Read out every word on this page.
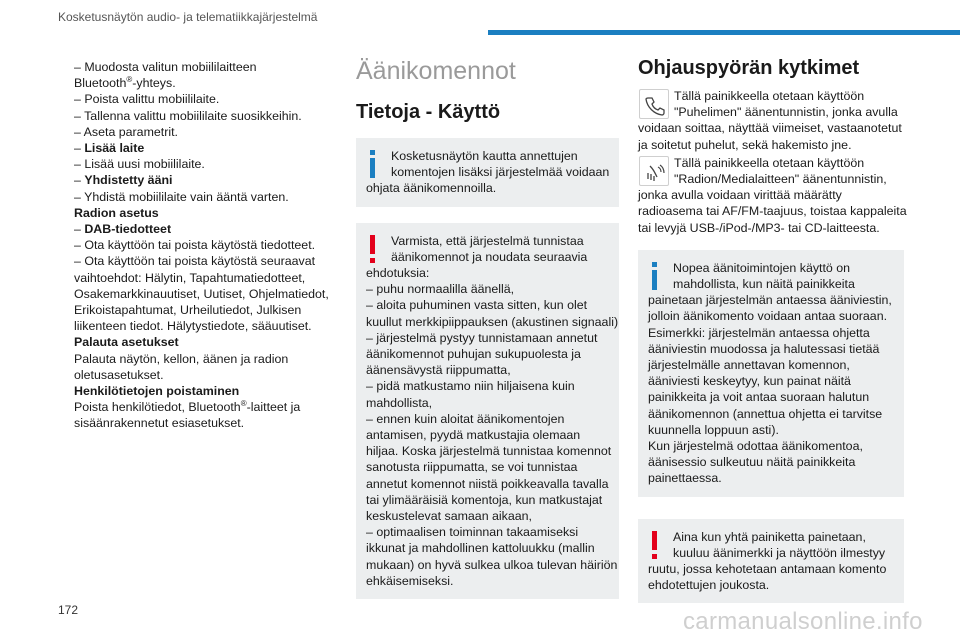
Kosketusnäytön audio- ja telematiikkajärjestelmä
– Muodosta valitun mobiililaitteen
Bluetooth®-yhteys.
– Poista valittu mobiililaite.
– Tallenna valittu mobiililaite suosikkeihin.
– Aseta parametrit.
– Lisää laite
– Lisää uusi mobiililaite.
– Yhdistetty ääni
– Yhdistä mobiililaite vain ääntä varten.
Radion asetus
– DAB-tiedotteet
– Ota käyttöön tai poista käytöstä tiedotteet.
– Ota käyttöön tai poista käytöstä seuraavat
vaihtoehdot: Hälytin, Tapahtumatiedotteet,
Osakemarkkinauutiset, Uutiset, Ohjelmatiedot,
Erikoistapahtumat, Urheilutiedot, Julkisen
liikenteen tiedot. Hälytystiedote, sääuutiset.
Palauta asetukset
Palauta näytön, kellon, äänen ja radion
oletusasetukset.
Henkilötietojen poistaminen
Poista henkilötiedot, Bluetooth®-laitteet ja
sisäänrakennetut esiasetukset.
Äänikomennot
Tietoja - Käyttö
Kosketusnäytön kautta annettujen
komentojen lisäksi järjestelmää voidaan
ohjata äänikomennoilla.
Varmista, että järjestelmä tunnistaa
äänikomennot ja noudata seuraavia
ehdotuksia:
– puhu normaalilla äänellä,
– aloita puhuminen vasta sitten, kun olet
kuullut merkkipiippauksen (akustinen signaali)
– järjestelmä pystyy tunnistamaan annetut
äänikomennot puhujan sukupuolesta ja
äänensävystä riippumatta,
– pidä matkustamo niin hiljaisena kuin
mahdollista,
– ennen kuin aloitat äänikomentojen
antamisen, pyydä matkustajia olemaan
hiljaa. Koska järjestelmä tunnistaa komennot
sanotusta riippumatta, se voi tunnistaa
annetut komennot niistä poikkeavalla tavalla
tai ylimääräisiä komentoja, kun matkustajat
keskustelevat samaan aikaan,
– optimaalisen toiminnan takaamiseksi
ikkunat ja mahdollinen kattoluukku (mallin
mukaan) on hyvä sulkea ulkoa tulevan häiriön
ehkäisemiseksi.
Ohjauspyörän kytkimet
Tällä painikkeella otetaan käyttöön
"Puhelimen" äänentunnistin, jonka avulla
voidaan soittaa, näyttää viimeiset, vastaanotetut
ja soitetut puhelut, sekä hakemisto jne.
Tällä painikkeella otetaan käyttöön
"Radion/Medialaitteen" äänentunnistin,
jonka avulla voidaan virittää määrätty
radioasema tai AF/FM-taajuus, toistaa kappaleita
tai levyjä USB-/iPod-/MP3- tai CD-laitteesta.
Nopea äänitoimintojen käyttö on
mahdollista, kun näitä painikkeita
painetaan järjestelmän antaessa ääniviestin,
jolloin äänikomento voidaan antaa suoraan.
Esimerkki: järjestelmän antaessa ohjetta
ääniviestin muodossa ja halutessasi tietää
järjestelmälle annettavan komennon,
ääniviesti keskeytyy, kun painat näitä
painikkeita ja voit antaa suoraan halutun
äänikomennon (annettua ohjetta ei tarvitse
kuunnella loppuun asti).
Kun järjestelmä odottaa äänikomentoa,
äänisessio sulkeutuu näitä painikkeita
painettaessa.
Aina kun yhtä painiketta painetaan,
kuuluu äänimerkki ja näyttöön ilmestyy
ruutu, jossa kehotetaan antamaan komento
ehdotettujen joukosta.
172	carmanualsonline.info
